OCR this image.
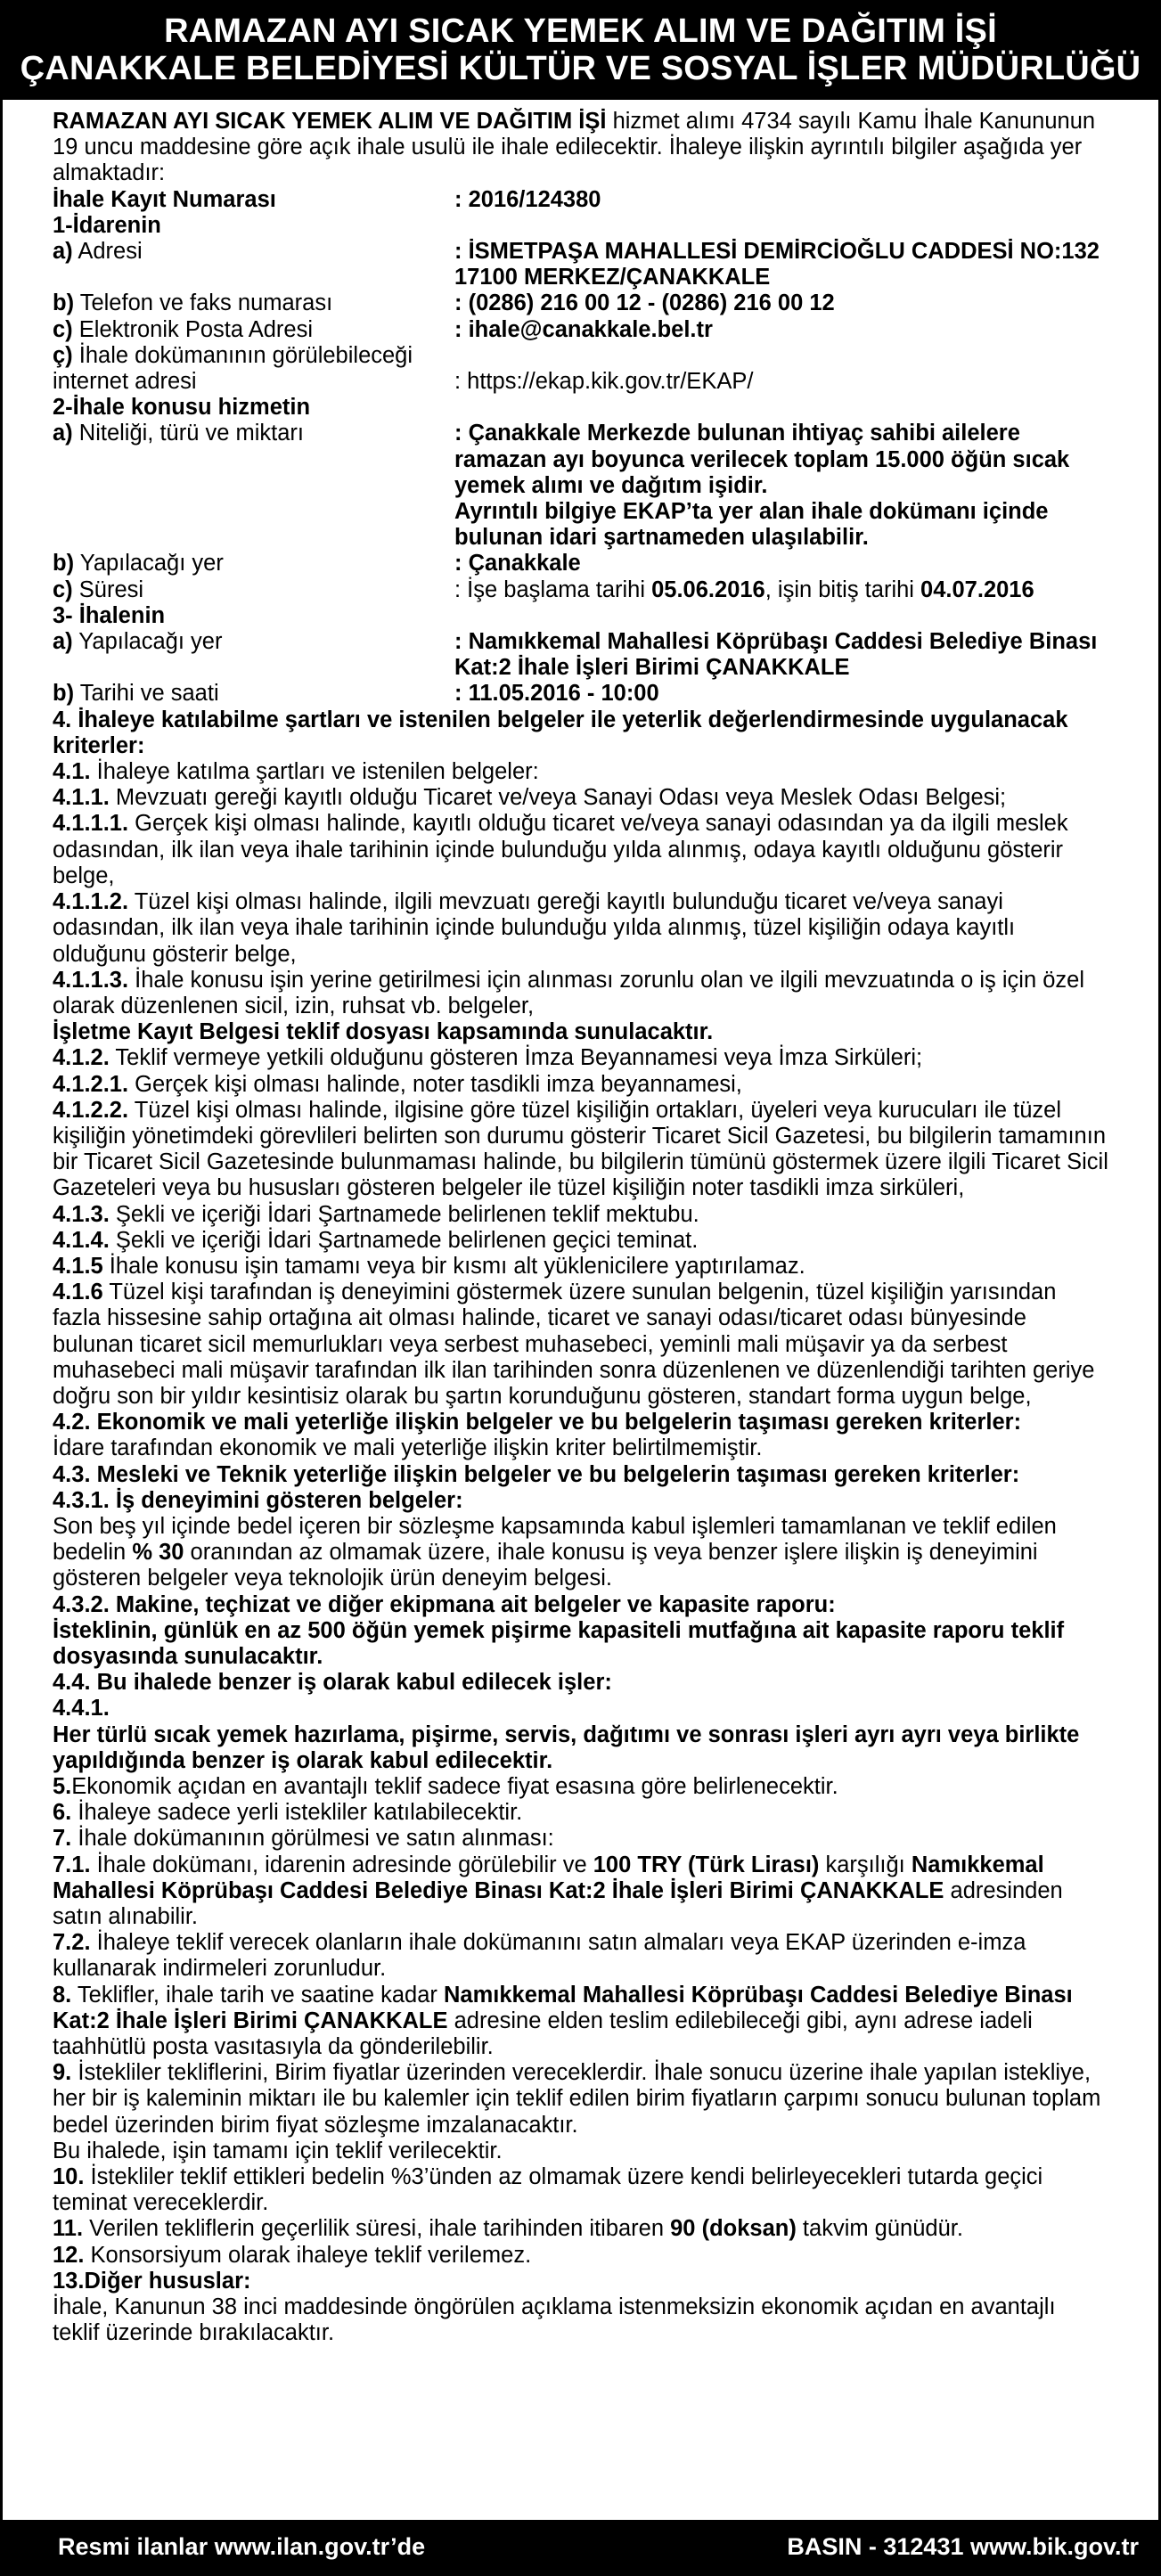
RAMAZAN AYI SICAK YEMEK ALIM VE DAĞITIM İŞİ
ÇANAKKALE BELEDİYESİ KÜLTÜR VE SOSYAL İŞLER MÜDÜRLÜĞÜ

RAMAZAN AYI SICAK YEMEK ALIM VE DAĞITIM İŞİ hizmet alımı 4734 sayılı Kamu İhale Kanununun 19 uncu maddesine göre açık ihale usulü ile ihale edilecektir. İhaleye ilişkin ayrıntılı bilgiler aşağıda yer almaktadır:

İhale Kayıt Numarası	: 2016/124380
1-İdarenin
a) Adresi	: İSMETPAŞA MAHALLESİ DEMİRCİOĞLU CADDESİ NO:132 17100 MERKEZ/ÇANAKKALE
b) Telefon ve faks numarası	: (0286) 216 00 12 - (0286) 216 00 12
c) Elektronik Posta Adresi	: ihale@canakkale.bel.tr
ç) İhale dokümanının görülebileceği
internet adresi	: https://ekap.kik.gov.tr/EKAP/
2-İhale konusu hizmetin
a) Niteliği, türü ve miktarı	: Çanakkale Merkezde bulunan ihtiyaç sahibi ailelere ramazan ayı boyunca verilecek toplam 15.000 öğün sıcak yemek alımı ve dağıtım işidir.
Ayrıntılı bilgiye EKAP’ta yer alan ihale dokümanı içinde bulunan idari şartnameden ulaşılabilir.
b) Yapılacağı yer	: Çanakkale
c) Süresi	: İşe başlama tarihi 05.06.2016, işin bitiş tarihi 04.07.2016
3- İhalenin
a) Yapılacağı yer	: Namıkkemal Mahallesi Köprübaşı Caddesi Belediye Binası Kat:2 İhale İşleri Birimi ÇANAKKALE
b) Tarihi ve saati	: 11.05.2016 - 10:00

4. İhaleye katılabilme şartları ve istenilen belgeler ile yeterlik değerlendirmesinde uygulanacak kriterler:

4.1. İhaleye katılma şartları ve istenilen belgeler:

4.1.1. Mevzuatı gereği kayıtlı olduğu Ticaret ve/veya Sanayi Odası veya Meslek Odası Belgesi;

4.1.1.1. Gerçek kişi olması halinde, kayıtlı olduğu ticaret ve/veya sanayi odasından ya da ilgili meslek odasından, ilk ilan veya ihale tarihinin içinde bulunduğu yılda alınmış, odaya kayıtlı olduğunu gösterir belge,

4.1.1.2. Tüzel kişi olması halinde, ilgili mevzuatı gereği kayıtlı bulunduğu ticaret ve/veya sanayi odasından, ilk ilan veya ihale tarihinin içinde bulunduğu yılda alınmış, tüzel kişiliğin odaya kayıtlı olduğunu gösterir belge,

4.1.1.3. İhale konusu işin yerine getirilmesi için alınması zorunlu olan ve ilgili mevzuatında o iş için özel olarak düzenlenen sicil, izin, ruhsat vb. belgeler,

İşletme Kayıt Belgesi teklif dosyası kapsamında sunulacaktır.

4.1.2. Teklif vermeye yetkili olduğunu gösteren İmza Beyannamesi veya İmza Sirküleri;

4.1.2.1. Gerçek kişi olması halinde, noter tasdikli imza beyannamesi,

4.1.2.2. Tüzel kişi olması halinde, ilgisine göre tüzel kişiliğin ortakları, üyeleri veya kurucuları ile tüzel kişiliğin yönetimdeki görevlileri belirten son durumu gösterir Ticaret Sicil Gazetesi, bu bilgilerin tamamının bir Ticaret Sicil Gazetesinde bulunmaması halinde, bu bilgilerin tümünü göstermek üzere ilgili Ticaret Sicil Gazeteleri veya bu hususları gösteren belgeler ile tüzel kişiliğin noter tasdikli imza sirküleri,

4.1.3. Şekli ve içeriği İdari Şartnamede belirlenen teklif mektubu.

4.1.4. Şekli ve içeriği İdari Şartnamede belirlenen geçici teminat.

4.1.5 İhale konusu işin tamamı veya bir kısmı alt yüklenicilere yaptırılamaz.

4.1.6 Tüzel kişi tarafından iş deneyimini göstermek üzere sunulan belgenin, tüzel kişiliğin yarısından fazla hissesine sahip ortağına ait olması halinde, ticaret ve sanayi odası/ticaret odası bünyesinde bulunan ticaret sicil memurlukları veya serbest muhasebeci, yeminli mali müşavir ya da serbest muhasebeci mali müşavir tarafından ilk ilan tarihinden sonra düzenlenen ve düzenlendiği tarihten geriye doğru son bir yıldır kesintisiz olarak bu şartın korunduğunu gösteren, standart forma uygun belge,

4.2. Ekonomik ve mali yeterliğe ilişkin belgeler ve bu belgelerin taşıması gereken kriterler:

İdare tarafından ekonomik ve mali yeterliğe ilişkin kriter belirtilmemiştir.

4.3. Mesleki ve Teknik yeterliğe ilişkin belgeler ve bu belgelerin taşıması gereken kriterler:

4.3.1. İş deneyimini gösteren belgeler:

Son beş yıl içinde bedel içeren bir sözleşme kapsamında kabul işlemleri tamamlanan ve teklif edilen bedelin % 30 oranından az olmamak üzere, ihale konusu iş veya benzer işlere ilişkin iş deneyimini gösteren belgeler veya teknolojik ürün deneyim belgesi.

4.3.2. Makine, teçhizat ve diğer ekipmana ait belgeler ve kapasite raporu:

İsteklinin, günlük en az 500 öğün yemek pişirme kapasiteli mutfağına ait kapasite raporu teklif dosyasında sunulacaktır.

4.4. Bu ihalede benzer iş olarak kabul edilecek işler:

4.4.1.

Her türlü sıcak yemek hazırlama, pişirme, servis, dağıtımı ve sonrası işleri ayrı ayrı veya birlikte yapıldığında benzer iş olarak kabul edilecektir.

5.Ekonomik açıdan en avantajlı teklif sadece fiyat esasına göre belirlenecektir.

6. İhaleye sadece yerli istekliler katılabilecektir.

7. İhale dokümanının görülmesi ve satın alınması:

7.1. İhale dokümanı, idarenin adresinde görülebilir ve 100 TRY (Türk Lirası) karşılığı Namıkkemal Mahallesi Köprübaşı Caddesi Belediye Binası Kat:2 İhale İşleri Birimi ÇANAKKALE adresinden satın alınabilir.

7.2. İhaleye teklif verecek olanların ihale dokümanını satın almaları veya EKAP üzerinden e-imza kullanarak indirmeleri zorunludur.

8. Teklifler, ihale tarih ve saatine kadar Namıkkemal Mahallesi Köprübaşı Caddesi Belediye Binası Kat:2 İhale İşleri Birimi ÇANAKKALE adresine elden teslim edilebileceği gibi, aynı adrese iadeli taahhütlü posta vasıtasıyla da gönderilebilir.

9. İstekliler tekliflerini, Birim fiyatlar üzerinden vereceklerdir. İhale sonucu üzerine ihale yapılan istekliye, her bir iş kaleminin miktarı ile bu kalemler için teklif edilen birim fiyatların çarpımı sonucu bulunan toplam bedel üzerinden birim fiyat sözleşme imzalanacaktır.

Bu ihalede, işin tamamı için teklif verilecektir.

10. İstekliler teklif ettikleri bedelin %3’ünden az olmamak üzere kendi belirleyecekleri tutarda geçici teminat vereceklerdir.

11. Verilen tekliflerin geçerlilik süresi, ihale tarihinden itibaren 90 (doksan) takvim günüdür.

12. Konsorsiyum olarak ihaleye teklif verilemez.

13.Diğer hususlar:

İhale, Kanunun 38 inci maddesinde öngörülen açıklama istenmeksizin ekonomik açıdan en avantajlı teklif üzerinde bırakılacaktır.

Resmi ilanlar www.ilan.gov.tr’de	BASIN - 312431 www.bik.gov.tr
